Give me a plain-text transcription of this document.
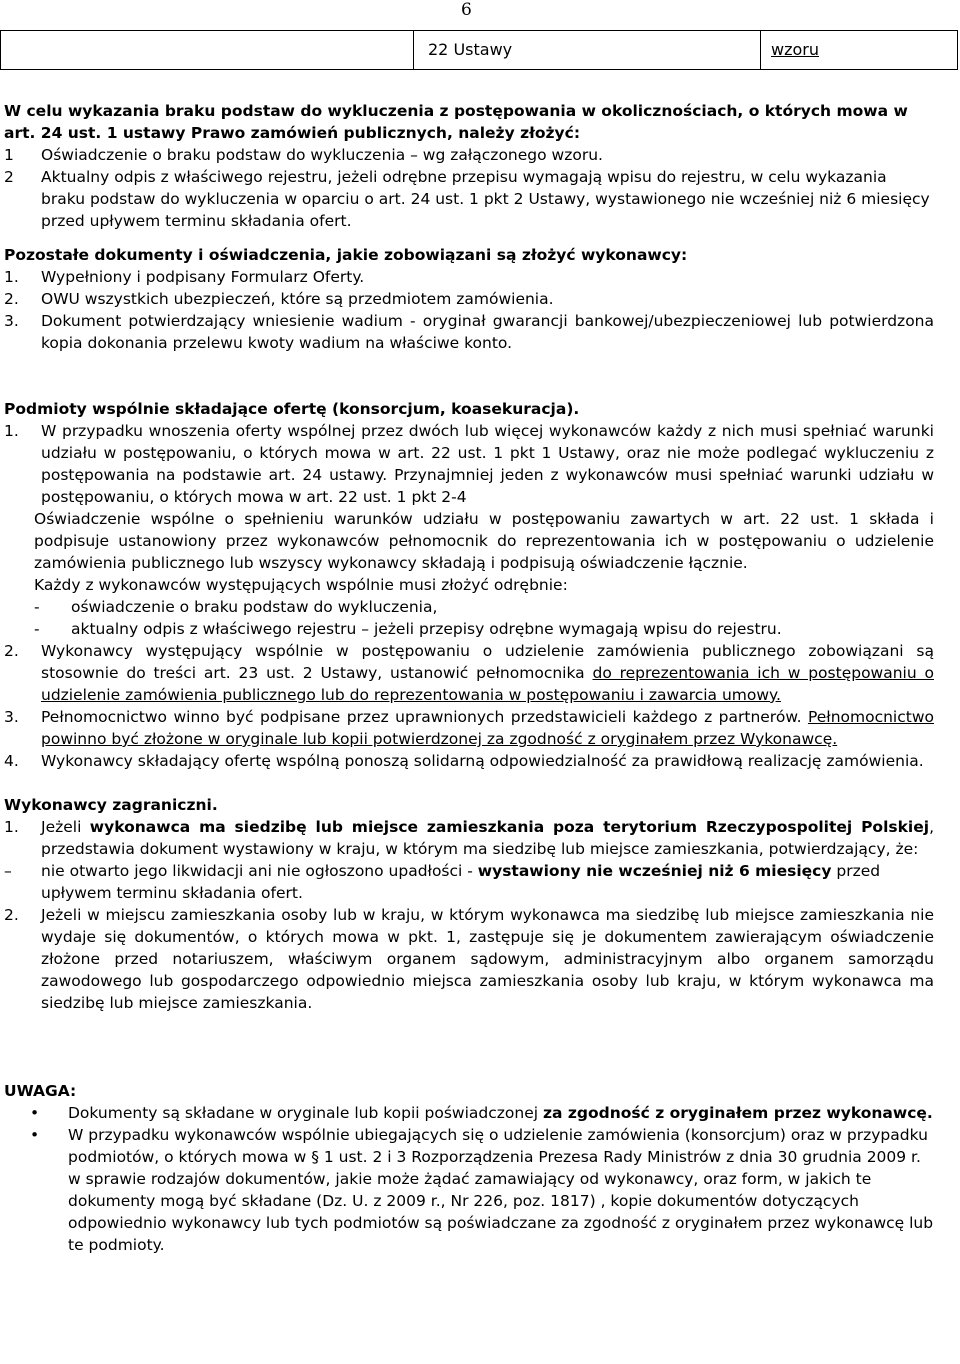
6
	22 Ustawy	wzoru

W celu wykazania braku podstaw do wykluczenia z postępowania w okolicznościach, o których mowa w art. 24 ust. 1 ustawy Prawo zamówień publicznych, należy złożyć:

1	Oświadczenie o braku podstaw do wykluczenia – wg załączonego wzoru.
2	Aktualny odpis z właściwego rejestru, jeżeli odrębne przepisu wymagają wpisu do rejestru, w celu wykazania braku podstaw do wykluczenia w oparciu o art. 24 ust. 1 pkt 2 Ustawy, wystawionego nie wcześniej niż 6 miesięcy przed upływem terminu składania ofert.

Pozostałe dokumenty i oświadczenia, jakie zobowiązani są złożyć wykonawcy:

1.	Wypełniony i podpisany Formularz Oferty.
2.	OWU wszystkich ubezpieczeń, które są przedmiotem zamówienia.
3.	Dokument potwierdzający wniesienie wadium - oryginał gwarancji bankowej/ubezpieczeniowej lub potwierdzona kopia dokonania przelewu kwoty wadium na właściwe konto.

Podmioty wspólnie składające ofertę (konsorcjum, koasekuracja).

1.	W przypadku wnoszenia oferty wspólnej przez dwóch lub więcej wykonawców każdy z nich musi spełniać warunki udziału w postępowaniu, o których mowa w art. 22 ust. 1 pkt 1 Ustawy, oraz nie może podlegać wykluczeniu z postępowania na podstawie art. 24 ustawy. Przynajmniej jeden z wykonawców musi spełniać warunki udziału w postępowaniu, o których mowa w art. 22 ust. 1 pkt 2-4

Oświadczenie wspólne o spełnieniu warunków udziału w postępowaniu zawartych w art. 22 ust. 1 składa i podpisuje ustanowiony przez wykonawców pełnomocnik do reprezentowania ich w postępowaniu o udzielenie zamówienia publicznego lub wszyscy wykonawcy składają i podpisują oświadczenie łącznie.

Każdy z wykonawców występujących wspólnie musi złożyć odrębnie:

-	oświadczenie o braku podstaw do wykluczenia,
-	aktualny odpis z właściwego rejestru – jeżeli przepisy odrębne wymagają wpisu do rejestru.
2.	Wykonawcy występujący wspólnie w postępowaniu o udzielenie zamówienia publicznego zobowiązani są stosownie do treści art. 23 ust. 2 Ustawy, ustanowić pełnomocnika do reprezentowania ich w postępowaniu o udzielenie zamówienia publicznego lub do reprezentowania w postępowaniu i zawarcia umowy.
3.	Pełnomocnictwo winno być podpisane przez uprawnionych przedstawicieli każdego z partnerów. Pełnomocnictwo powinno być złożone w oryginale lub kopii potwierdzonej za zgodność z oryginałem przez Wykonawcę.
4.	Wykonawcy składający ofertę wspólną ponoszą solidarną odpowiedzialność za prawidłową realizację zamówienia.

Wykonawcy zagraniczni.

1.	Jeżeli wykonawca ma siedzibę lub miejsce zamieszkania poza terytorium Rzeczypospolitej Polskiej, przedstawia dokument wystawiony w kraju, w którym ma siedzibę lub miejsce zamieszkania, potwierdzający, że:
–	nie otwarto jego likwidacji ani nie ogłoszono upadłości - wystawiony nie wcześniej niż 6 miesięcy przed upływem terminu składania ofert.
2.	Jeżeli w miejscu zamieszkania osoby lub w kraju, w którym wykonawca ma siedzibę lub miejsce zamieszkania nie wydaje się dokumentów, o których mowa w pkt. 1, zastępuje się je dokumentem zawierającym oświadczenie złożone przed notariuszem, właściwym organem sądowym, administracyjnym albo organem samorządu zawodowego lub gospodarczego odpowiednio miejsca zamieszkania osoby lub kraju, w którym wykonawca ma siedzibę lub miejsce zamieszkania.

UWAGA:

•	Dokumenty są składane w oryginale lub kopii poświadczonej za zgodność z oryginałem przez wykonawcę.
•	W przypadku wykonawców wspólnie ubiegających się o udzielenie zamówienia (konsorcjum) oraz w przypadku podmiotów, o których mowa w § 1 ust. 2 i 3 Rozporządzenia Prezesa Rady Ministrów z dnia 30 grudnia 2009 r. w sprawie rodzajów dokumentów, jakie może żądać zamawiający od wykonawcy, oraz form, w jakich te dokumenty mogą być składane (Dz. U. z 2009 r., Nr 226, poz. 1817) , kopie dokumentów dotyczących odpowiednio wykonawcy lub tych podmiotów są poświadczane za zgodność z oryginałem przez wykonawcę lub te podmioty.
